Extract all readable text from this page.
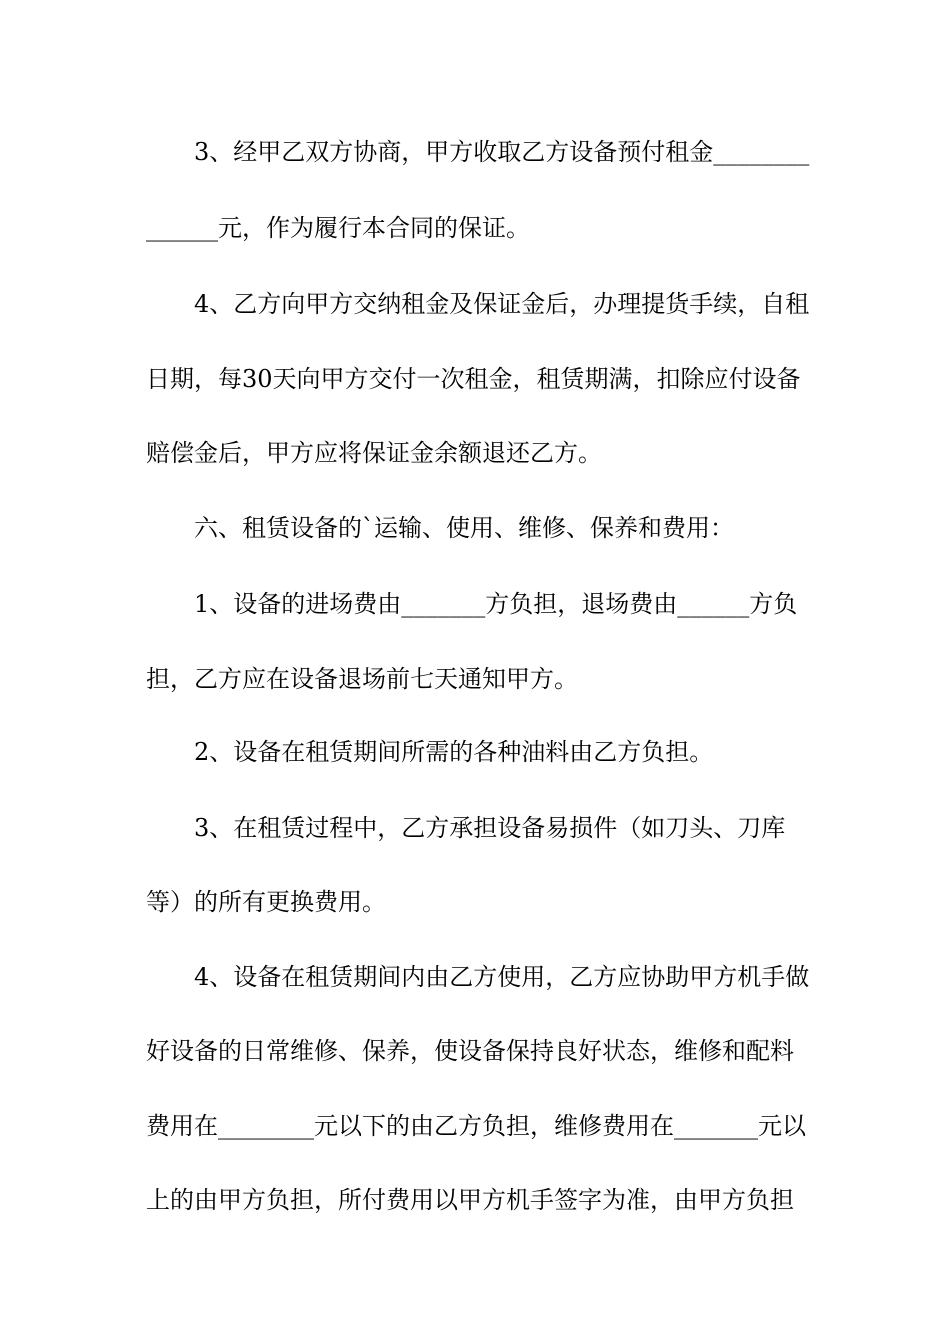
3、经甲乙双方协商，甲方收取乙方设备预付租金________
______元，作为履行本合同的保证。
4、乙方向甲方交纳租金及保证金后，办理提货手续，自租
日期，每30天向甲方交付一次租金，租赁期满，扣除应付设备
赔偿金后，甲方应将保证金余额退还乙方。
六、租赁设备的`运输、使用、维修、保养和费用：
1、设备的进场费由_______方负担，退场费由______方负
担，乙方应在设备退场前七天通知甲方。
2、设备在租赁期间所需的各种油料由乙方负担。
3、在租赁过程中，乙方承担设备易损件（如刀头、刀库
等）的所有更换费用。
4、设备在租赁期间内由乙方使用，乙方应协助甲方机手做
好设备的日常维修、保养，使设备保持良好状态，维修和配料
费用在________元以下的由乙方负担，维修费用在_______元以
上的由甲方负担，所付费用以甲方机手签字为准，由甲方负担
